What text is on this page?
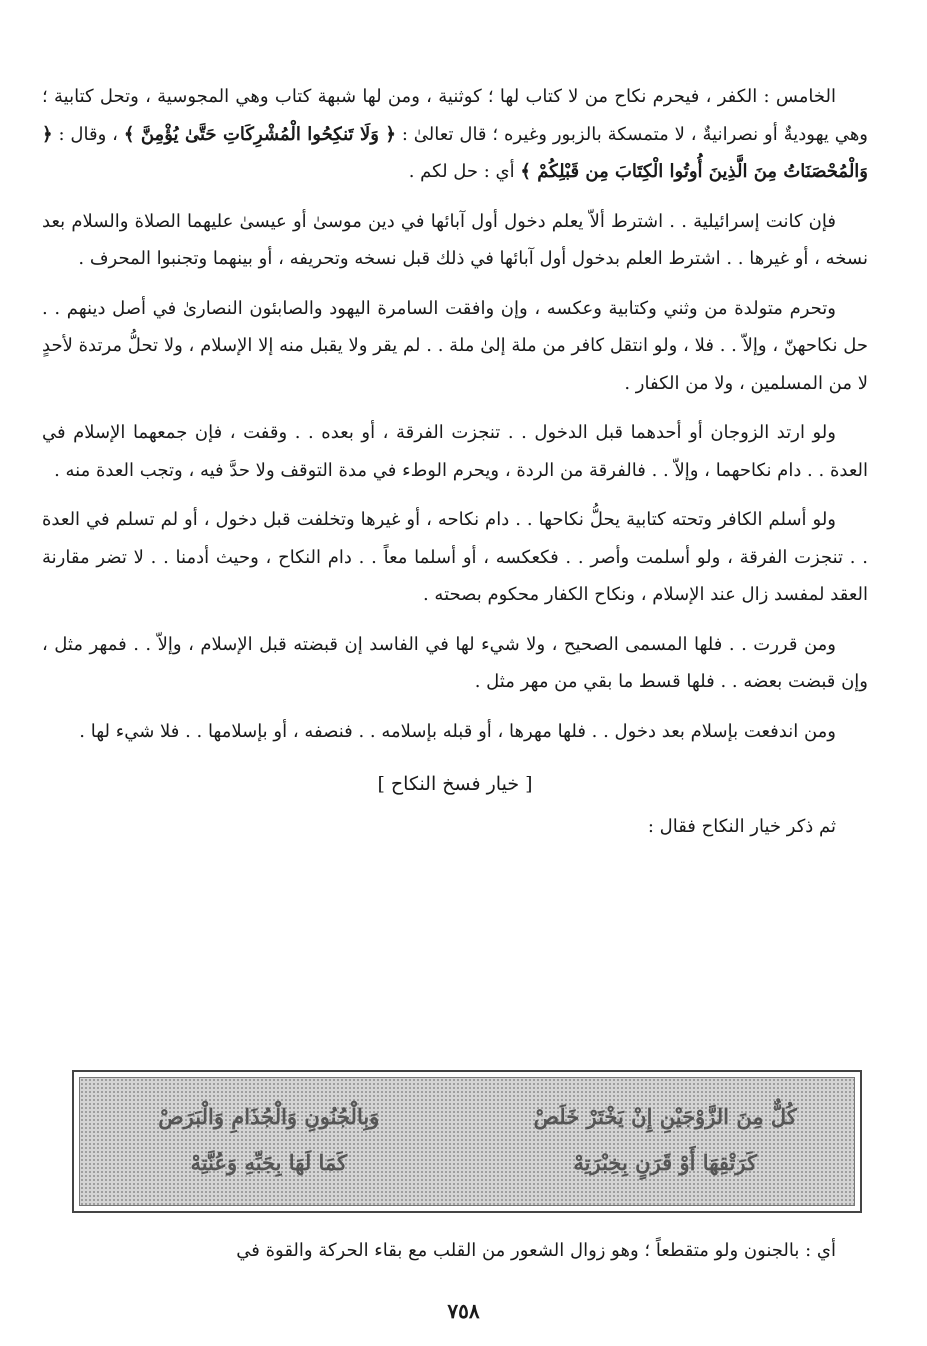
الخامس : الكفر ، فيحرم نكاح من لا كتاب لها ؛ كوثنية ، ومن لها شبهة كتاب وهي المجوسية ، وتحل كتابية ؛ وهي يهوديةٌ أو نصرانيةٌ ، لا متمسكة بالزبور وغيره ؛ قال تعالىٰ : ﴿ وَلَا تَنكِحُوا الْمُشْرِكَاتِ حَتَّىٰ يُؤْمِنَّ ﴾ ، وقال : ﴿ وَالْمُحْصَنَاتُ مِنَ الَّذِينَ أُوتُوا الْكِتَابَ مِن قَبْلِكُمْ ﴾ أي : حل لكم .

فإن كانت إسرائيلية . . اشترط ألاّ يعلم دخول أول آبائها في دين موسىٰ أو عيسىٰ عليهما الصلاة والسلام بعد نسخه ، أو غيرها . . اشترط العلم بدخول أول آبائها في ذلك قبل نسخه وتحريفه ، أو بينهما وتجنبوا المحرف .

وتحرم متولدة من وثني وكتابية وعكسه ، وإن وافقت السامرة اليهود والصابئون النصارىٰ في أصل دينهم . . حل نكاحهنّ ، وإلاّ . . فلا ، ولو انتقل كافر من ملة إلىٰ ملة . . لم يقر ولا يقبل منه إلا الإسلام ، ولا تحلُّ مرتدة لأحدٍ لا من المسلمين ، ولا من الكفار .

ولو ارتد الزوجان أو أحدهما قبل الدخول . . تنجزت الفرقة ، أو بعده . . وقفت ، فإن جمعهما الإسلام في العدة . . دام نكاحهما ، وإلاّ . . فالفرقة من الردة ، ويحرم الوطء في مدة التوقف ولا حدَّ فيه ، وتجب العدة منه .

ولو أسلم الكافر وتحته كتابية يحلُّ نكاحها . . دام نكاحه ، أو غيرها وتخلفت قبل دخول ، أو لم تسلم في العدة . . تنجزت الفرقة ، ولو أسلمت وأصر . . فكعكسه ، أو أسلما معاً . . دام النكاح ، وحيث أدمنا . . لا تضر مقارنة العقد لمفسد زال عند الإسلام ، ونكاح الكفار محكوم بصحته .

ومن قررت . . فلها المسمى الصحيح ، ولا شيء لها في الفاسد إن قبضته قبل الإسلام ، وإلاّ . . فمهر مثل ، وإن قبضت بعضه . . فلها قسط ما بقي من مهر مثل .

ومن اندفعت بإسلام بعد دخول . . فلها مهرها ، أو قبله بإسلامه . . فنصفه ، أو بإسلامها . . فلا شيء لها .

[ خيار فسخ النكاح ]
ثم ذكر خيار النكاح فقال :
كُلٌّ مِنَ الزَّوْجَيْنِ إِنْ يَخْتَرْ خَلَصْ
وَبِالْجُنُونِ وَالْجُذَامِ وَالْبَرَصْ
كَرَتْقِهَا أَوْ قَرَنٍ بِخِبْرَتِهْ
كَمَا لَهَا بِجَبِّهِ وَعُنَّتِهْ
أي : بالجنون ولو متقطعاً ؛ وهو زوال الشعور من القلب مع بقاء الحركة والقوة في
٧٥٨
